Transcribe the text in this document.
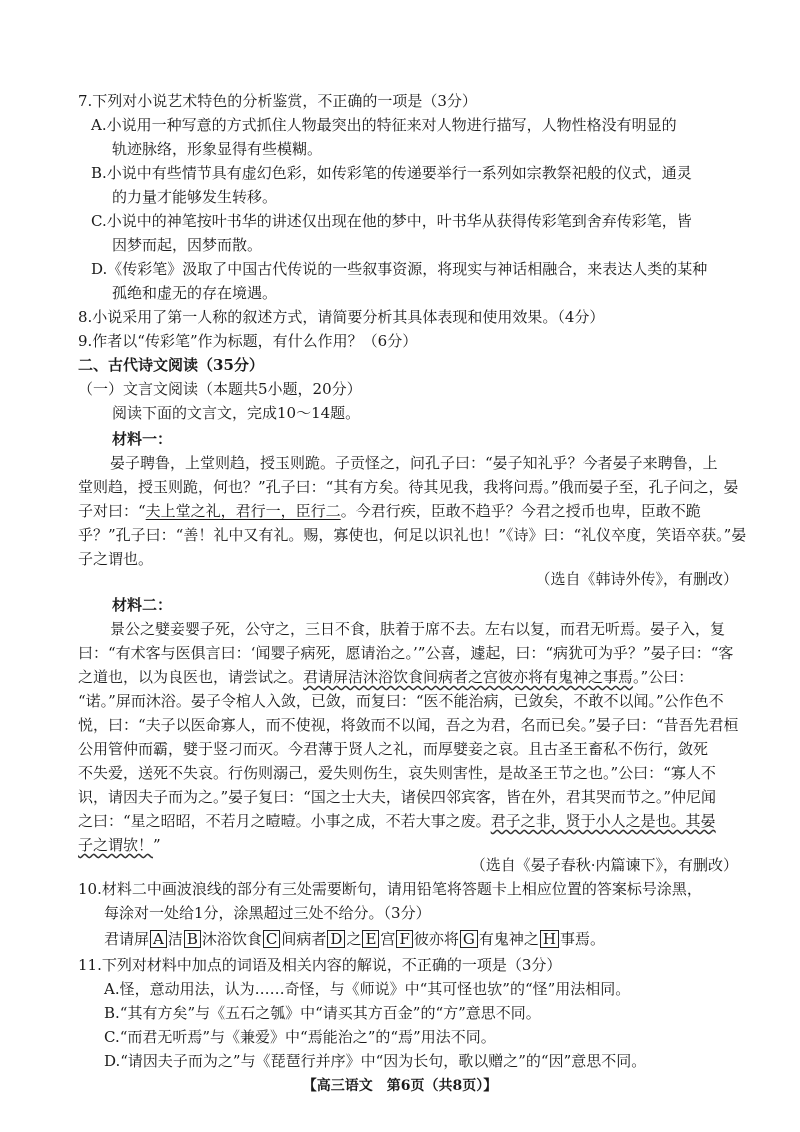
7.下列对小说艺术特色的分析鉴赏，不正确的一项是（3分）
A.小说用一种写意的方式抓住人物最突出的特征来对人物进行描写，人物性格没有明显的
轨迹脉络，形象显得有些模糊。
B.小说中有些情节具有虚幻色彩，如传彩笔的传递要举行一系列如宗教祭祀般的仪式，通灵
的力量才能够发生转移。
C.小说中的神笔按叶书华的讲述仅出现在他的梦中，叶书华从获得传彩笔到舍弃传彩笔，皆
因梦而起，因梦而散。
D.《传彩笔》汲取了中国古代传说的一些叙事资源，将现实与神话相融合，来表达人类的某种
孤绝和虚无的存在境遇。
8.小说采用了第一人称的叙述方式，请简要分析其具体表现和使用效果。（4分）
9.作者以“传彩笔”作为标题，有什么作用？（6分）
二、古代诗文阅读（35分）
（一）文言文阅读（本题共5小题，20分）
阅读下面的文言文，完成10～14题。
材料一：
晏子聘鲁，上堂则趋，授玉则跪。子贡怪之，问孔子曰：“晏子知礼乎？今者晏子来聘鲁，上
堂则趋，授玉则跪，何也？”孔子曰：“其有方矣。待其见我，我将问焉。”俄而晏子至，孔子问之，晏
子对曰：“夫上堂之礼，君行一，臣行二。今君行疾，臣敢不趋乎？今君之授币也卑，臣敢不跪
乎？”孔子曰：“善！礼中又有礼。赐，寡使也，何足以识礼也！”《诗》曰：“礼仪卒度，笑语卒获。”晏
子之谓也。
（选自《韩诗外传》，有删改）
材料二：
景公之嬖妾婴子死，公守之，三日不食，肤着于席不去。左右以复，而君无听焉。晏子入，复
曰：“有术客与医俱言曰：‘闻婴子病死，愿请治之。’”公喜，遽起，曰：“病犹可为乎？”晏子曰：“客
之道也，以为良医也，请尝试之。君请屏洁沐浴饮食间病者之宫彼亦将有鬼神之事焉。”公曰：
“诺。”屏而沐浴。晏子令棺人入敛，已敛，而复曰：“医不能治病，已敛矣，不敢不以闻。”公作色不
悦，曰：“夫子以医命寡人，而不使视，将敛而不以闻，吾之为君，名而已矣。”晏子曰：“昔吾先君桓
公用管仲而霸，嬖于竖刁而灭。今君薄于贤人之礼，而厚嬖妾之哀。且古圣王畜私不伤行，敛死
不失爱，送死不失哀。行伤则溺己，爱失则伤生，哀失则害性，是故圣王节之也。”公曰：“寡人不
识，请因夫子而为之。”晏子复曰：“国之士大夫，诸侯四邻宾客，皆在外，君其哭而节之。”仲尼闻
之曰：“星之昭昭，不若月之曀曀。小事之成，不若大事之废。君子之非，贤于小人之是也。其晏
子之谓欤！”
（选自《晏子春秋·内篇谏下》，有删改）
10.材料二中画波浪线的部分有三处需要断句，请用铅笔将答题卡上相应位置的答案标号涂黑，
每涂对一处给1分，涂黑超过三处不给分。（3分）
君请屏 A 洁 B 沐浴饮食 C 间病者 D 之 E 宫 F 彼亦将 G 有鬼神之 H 事焉。
11.下列对材料中加点的词语及相关内容的解说，不正确的一项是（3分）
A.怪，意动用法，认为……奇怪，与《师说》中“其可怪也欤”的“怪”用法相同。
B.“其有方矣”与《五石之瓠》中“请买其方百金”的“方”意思不同。
C.“而君无听焉”与《兼爱》中“焉能治之”的“焉”用法不同。
D.“请因夫子而为之”与《琵琶行并序》中“因为长句，歌以赠之”的“因”意思不同。
【高三语文　第6页（共8页）】
